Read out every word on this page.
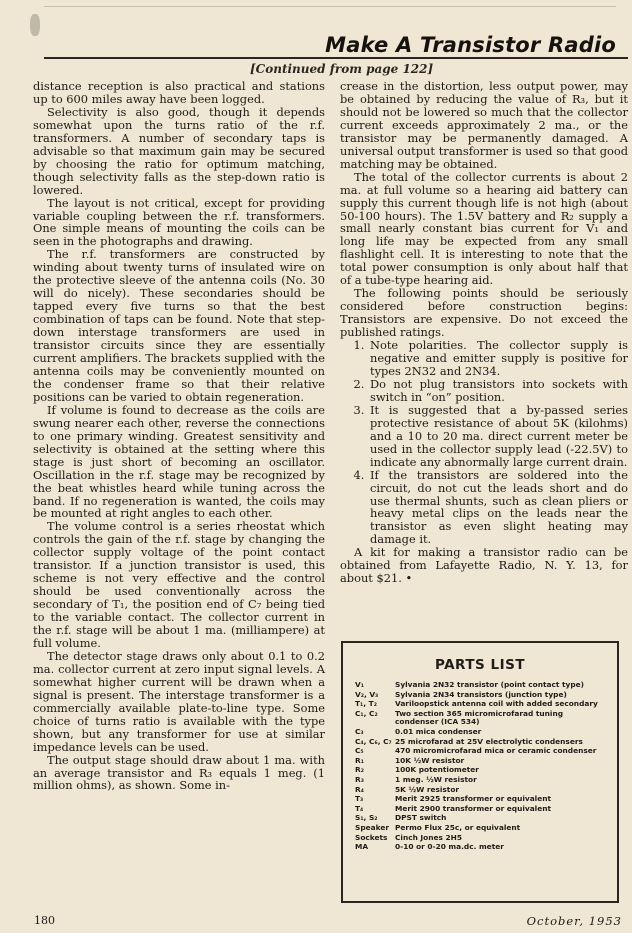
Make A Transistor Radio
[Continued from page 122]

distance reception is also practical and stations up to 600 miles away have been logged.

Selectivity is also good, though it depends somewhat upon the turns ratio of the r.f. transformers. A number of secondary taps is advisable so that maximum gain may be secured by choosing the ratio for optimum matching, though selectivity falls as the step-down ratio is lowered.

The layout is not critical, except for providing variable coupling between the r.f. transformers. One simple means of mounting the coils can be seen in the photographs and drawing.

The r.f. transformers are constructed by winding about twenty turns of insulated wire on the protective sleeve of the antenna coils (No. 30 will do nicely). These secondaries should be tapped every five turns so that the best combination of taps can be found. Note that step-down interstage transformers are used in transistor circuits since they are essentially current amplifiers. The brackets supplied with the antenna coils may be conveniently mounted on the condenser frame so that their relative positions can be varied to obtain regeneration.

If volume is found to decrease as the coils are swung nearer each other, reverse the connections to one primary winding. Greatest sensitivity and selectivity is obtained at the setting where this stage is just short of becoming an oscillator. Oscillation in the r.f. stage may be recognized by the beat whistles heard while tuning across the band. If no regeneration is wanted, the coils may be mounted at right angles to each other.

The volume control is a series rheostat which controls the gain of the r.f. stage by changing the collector supply voltage of the point contact transistor. If a junction transistor is used, this scheme is not very effective and the control should be used conventionally across the secondary of T₁, the position end of C₇ being tied to the variable contact. The collector current in the r.f. stage will be about 1 ma. (milliampere) at full volume.

The detector stage draws only about 0.1 to 0.2 ma. collector current at zero input signal levels. A somewhat higher current will be drawn when a signal is present. The interstage transformer is a commercially available plate-to-line type. Some choice of turns ratio is available with the type shown, but any transformer for use at similar impedance levels can be used.

The output stage should draw about 1 ma. with an average transistor and R₃ equals 1 meg. (1 million ohms), as shown. Some in-

crease in the distortion, less output power, may be obtained by reducing the value of R₃, but it should not be lowered so much that the collector current exceeds approximately 2 ma., or the transistor may be permanently damaged. A universal output transformer is used so that good matching may be obtained.

The total of the collector currents is about 2 ma. at full volume so a hearing aid battery can supply this current though life is not high (about 50-100 hours). The 1.5V battery and R₂ supply a small nearly constant bias current for V₁ and long life may be expected from any small flashlight cell. It is interesting to note that the total power consumption is only about half that of a tube-type hearing aid.

The following points should be seriously considered before construction begins: Transistors are expensive. Do not exceed the published ratings.

1. Note polarities. The collector supply is negative and emitter supply is positive for types 2N32 and 2N34.
2. Do not plug transistors into sockets with switch in “on” position.
3. It is suggested that a by-passed series protective resistance of about 5K (kilohms) and a 10 to 20 ma. direct current meter be used in the collector supply lead (-22.5V) to indicate any abnormally large current drain.
4. If the transistors are soldered into the circuit, do not cut the leads short and do use thermal shunts, such as clean pliers or heavy metal clips on the leads near the transistor as even slight heating may damage it.

A kit for making a transistor radio can be obtained from Lafayette Radio, N. Y. 13, for about $21. •

PARTS LIST
V₁	Sylvania 2N32 transistor (point contact type)
V₂, V₃	Sylvania 2N34 transistors (junction type)
T₁, T₂	Variloopstick antenna coil with added secondary
C₁, C₂	Two section 365 micromicrofarad tuning condenser (ICA 534)
C₃	0.01 mica condenser
C₄, C₆, C₇ 25 microfarad at 25V electrolytic condensers
C₅	470 micromicrofarad mica or ceramic condenser
R₁	10K ½W resistor
R₂	100K potentiometer
R₃	1 meg. ½W resistor
R₄	5K ½W resistor
T₃	Merit 2925 transformer or equivalent
T₄	Merit 2900 transformer or equivalent
S₁, S₂	DPST switch
Speaker Permo Flux 25c, or equivalent
Sockets	Cinch Jones 2H5
MA	0-10 or 0-20 ma.dc. meter
180	October, 1953
